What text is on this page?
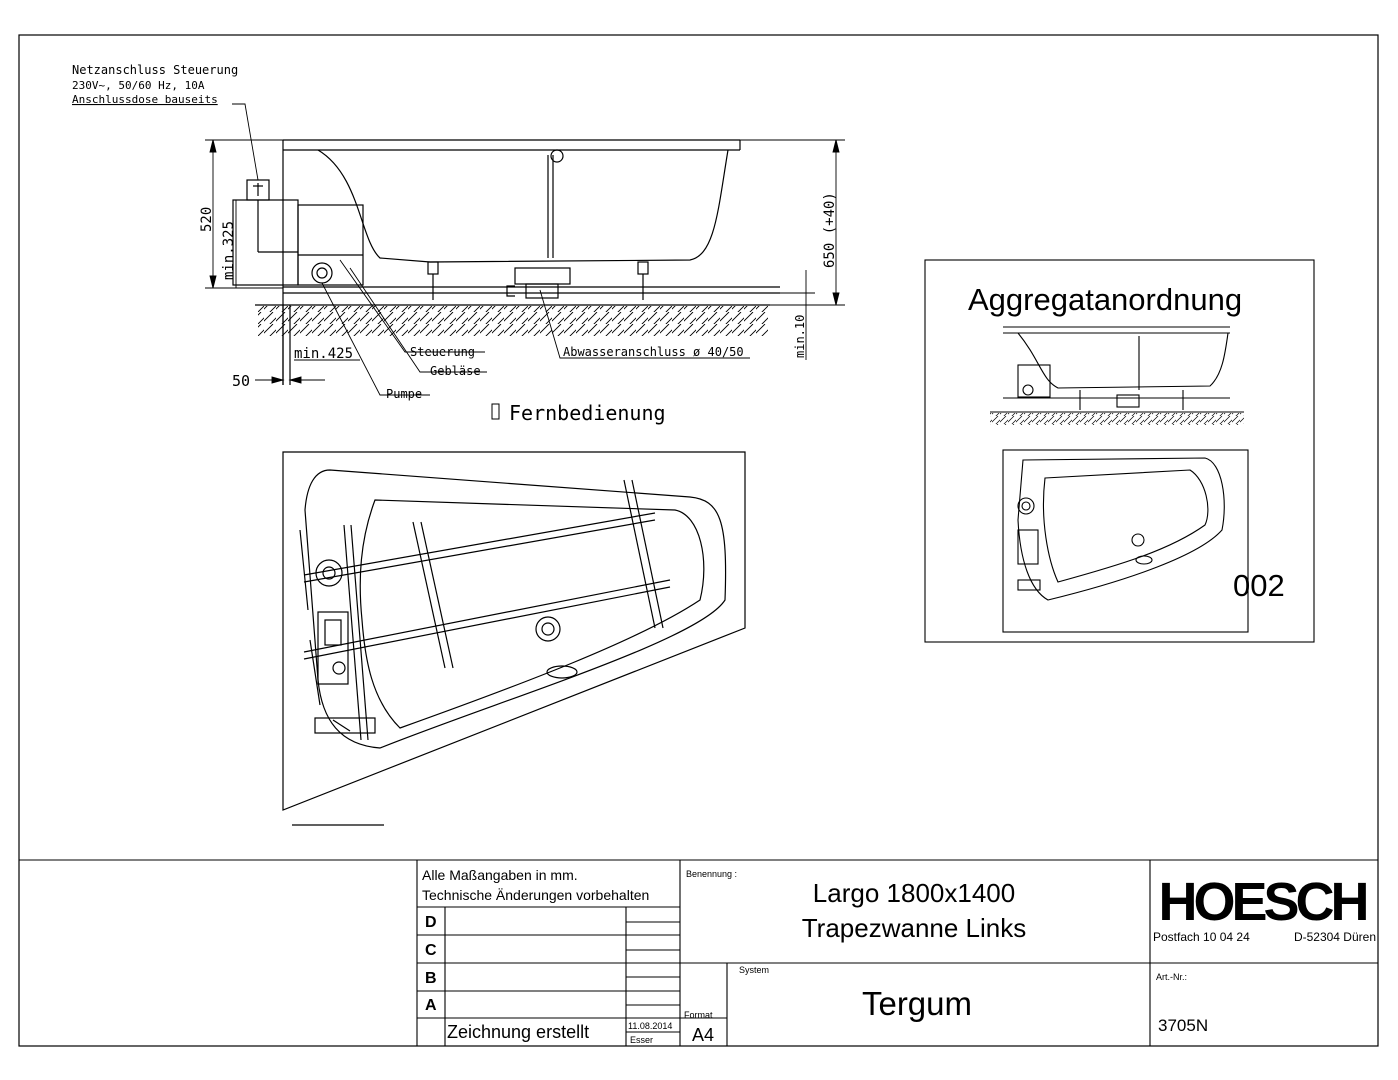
Netzanschluss Steuerung
230V~, 50/60 Hz, 10A
Anschlussdose bauseits
520
min.325	650 (+40)
min.10
min.425
50
Steuerung
Gebläse
Pumpe
Abwasseranschluss ø 40/50
Fernbedienung
Aggregatanordnung
002
Alle Maßangaben in mm.
Technische Änderungen vorbehalten
D
C
B
A
Zeichnung erstellt	11.08.2014
Esser
Format
A4
Benennung :
Largo 1800x1400
Trapezwanne Links
System
Tergum
HOESCH
Postfach 10 04 24	D-52304 Düren
Art.-Nr.:
3705N
